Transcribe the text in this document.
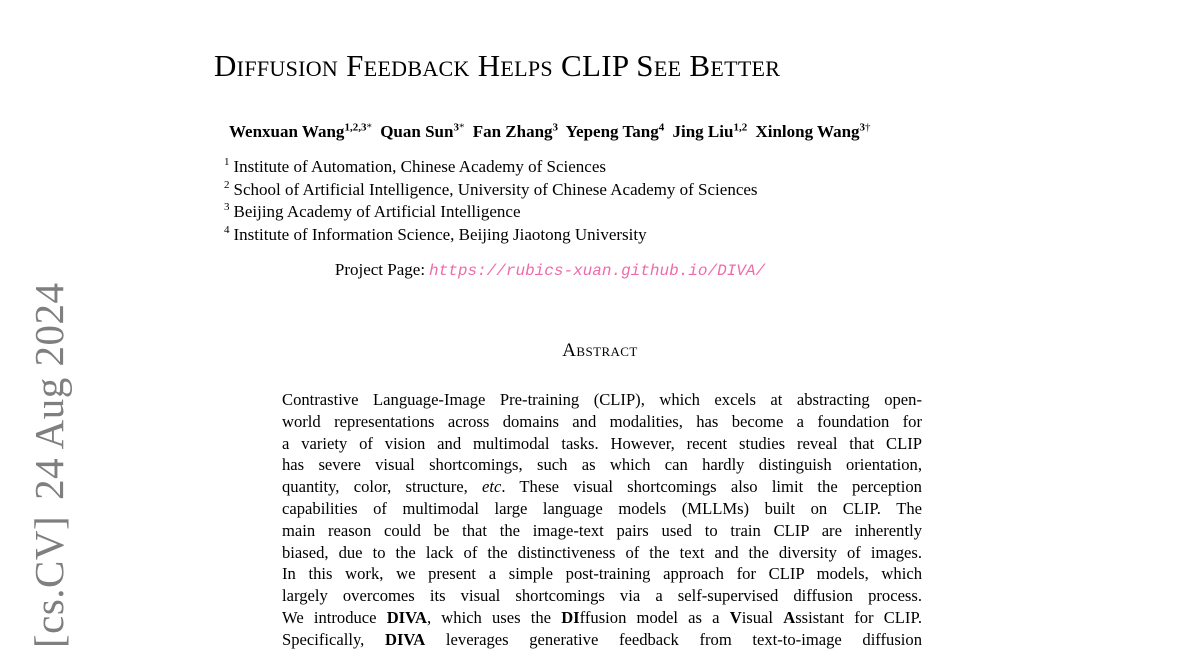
[cs.CV]24 Aug 2024
Diffusion Feedback Helps CLIP See Better
Wenxuan Wang$^{1,2,3*}$ Quan Sun$^{3*}$ Fan Zhang$^3$ Yepeng Tang$^4$ Jing Liu$^{1,2}$ Xinlong Wang$^{3\dagger}$
$^1$ Institute of Automation, Chinese Academy of Sciences
$^2$ School of Artificial Intelligence, University of Chinese Academy of Sciences
$^3$ Beijing Academy of Artificial Intelligence
$^4$ Institute of Information Science, Beijing Jiaotong University
Project Page: https://rubics-xuan.github.io/DIVA/
Abstract
Contrastive Language-Image Pre-training (CLIP), which excels at abstracting open-
world representations across domains and modalities, has become a foundation for
a variety of vision and multimodal tasks. However, recent studies reveal that CLIP
has severe visual shortcomings, such as which can hardly distinguish orientation,
quantity, color, structure, etc. These visual shortcomings also limit the perception
capabilities of multimodal large language models (MLLMs) built on CLIP. The
main reason could be that the image-text pairs used to train CLIP are inherently
biased, due to the lack of the distinctiveness of the text and the diversity of images.
In this work, we present a simple post-training approach for CLIP models, which
largely overcomes its visual shortcomings via a self-supervised diffusion process.
We introduce DIVA, which uses the DIffusion model as a Visual Assistant for CLIP.
Specifically, DIVA leverages generative feedback from text-to-image diffusion
